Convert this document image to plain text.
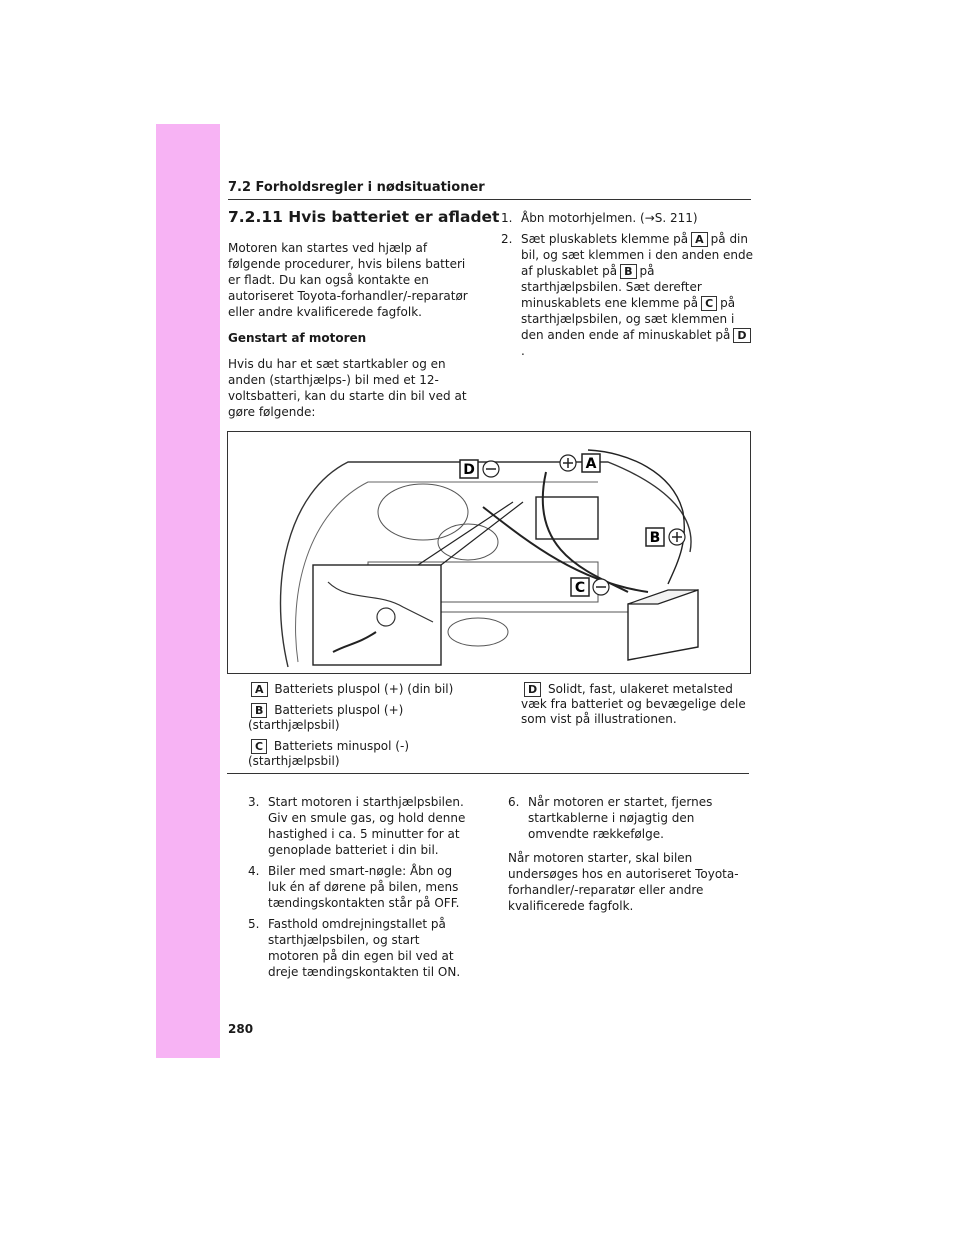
7.2 Forholdsregler i nødsituationer
7.2.11 Hvis batteriet er afladet

Motoren kan startes ved hjælp af følgende procedurer, hvis bilens batteri er fladt. Du kan også kontakte en autoriseret Toyota-forhandler/-reparatør eller andre kvalificerede fagfolk.

Genstart af motoren

Hvis du har et sæt startkabler og en anden (starthjælps-) bil med et 12-voltsbatteri, kan du starte din bil ved at gøre følgende:

1. Åbn motorhjelmen. (→S. 211)
2. Sæt pluskablets klemme på A på din bil, og sæt klemmen i den anden ende af pluskablet på B på starthjælpsbilen. Sæt derefter minuskablets ene klemme på C på starthjælpsbilen, og sæt klemmen i den anden ende af minuskablet på D.
D	A
B
C
A Batteriets pluspol (+) (din bil)
B Batteriets pluspol (+) (starthjælpsbil)
C Batteriets minuspol (-) (starthjælpsbil)
D Solidt, fast, ulakeret metalsted væk fra batteriet og bevægelige dele som vist på illustrationen.
3. Start motoren i starthjælpsbilen. Giv en smule gas, og hold denne hastighed i ca. 5 minutter for at genoplade batteriet i din bil.
4. Biler med smart-nøgle: Åbn og luk én af dørene på bilen, mens tændingskontakten står på OFF.
5. Fasthold omdrejningstallet på starthjælpsbilen, og start motoren på din egen bil ved at dreje tændingskontakten til ON.
6. Når motoren er startet, fjernes startkablerne i nøjagtig den omvendte rækkefølge.

Når motoren starter, skal bilen undersøges hos en autoriseret Toyota-forhandler/-reparatør eller andre kvalificerede fagfolk.

280
